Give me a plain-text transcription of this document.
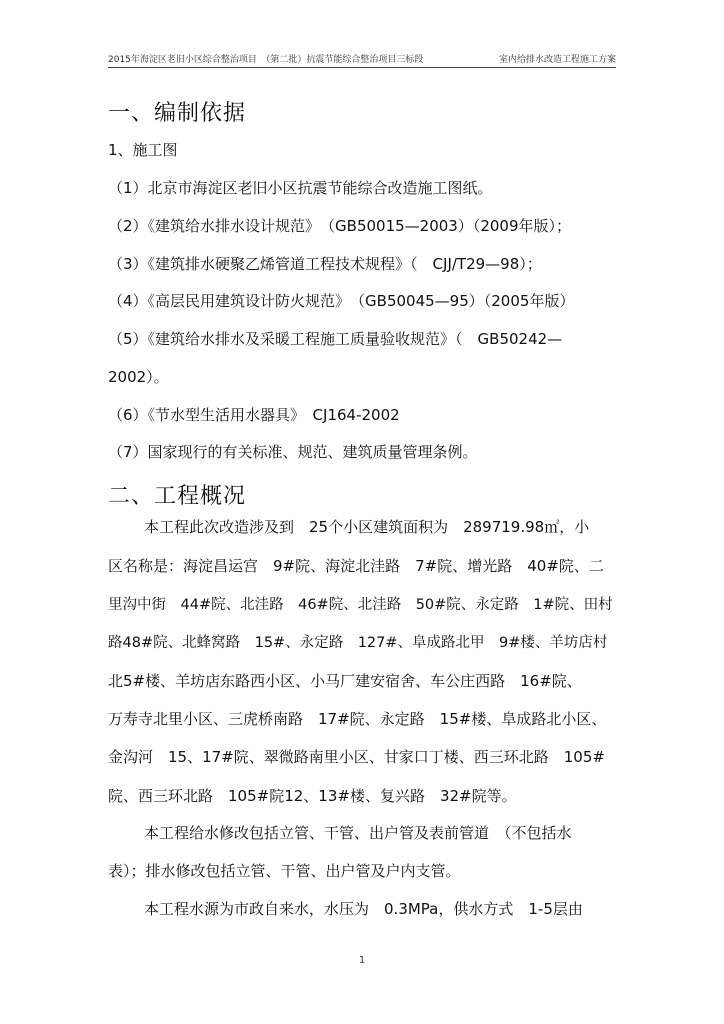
2015年海淀区老旧小区综合整治项目　（第二批）抗震节能综合整治项目三标段	室内给排水改造工程施工方案
一、编制依据
1、施工图
（1）北京市海淀区老旧小区抗震节能综合改造施工图纸。
（2）《建筑给水排水设计规范》　（GB50015—2003）（2009年版）；
（3）《建筑排水硬聚乙烯管道工程技术规程》（　CJJ/T29—98）；
（4）《高层民用建筑设计防火规范》　（GB50045—95）（2005年版）
（5）《建筑给水排水及采暖工程施工质量验收规范》（　GB50242—
2002）。
（6）《节水型生活用水器具》　CJ164-2002
（7）国家现行的有关标准、规范、建筑质量管理条例。
二、工程概况
本工程此次改造涉及到　25个小区建筑面积为　289719.98㎡，小
区名称是：海淀昌运宫　9#院、海淀北洼路　7#院、增光路　40#院、二
里沟中街　44#院、北洼路　46#院、北洼路　50#院、永定路　1#院、田村
路48#院、北蜂窝路　15#、永定路　127#、阜成路北甲　9#楼、羊坊店村
北5#楼、羊坊店东路西小区、小马厂建安宿舍、车公庄西路　16#院、
万寿寺北里小区、三虎桥南路　17#院、永定路　15#楼、阜成路北小区、
金沟河　15、17#院、翠微路南里小区、甘家口丁楼、西三环北路　105#
院、西三环北路　105#院12、13#楼、复兴路　32#院等。
本工程给水修改包括立管、干管、出户管及表前管道　（不包括水
表）；排水修改包括立管、干管、出户管及户内支管。
本工程水源为市政自来水，水压为　0.3MPa，供水方式　1-5层由
1
